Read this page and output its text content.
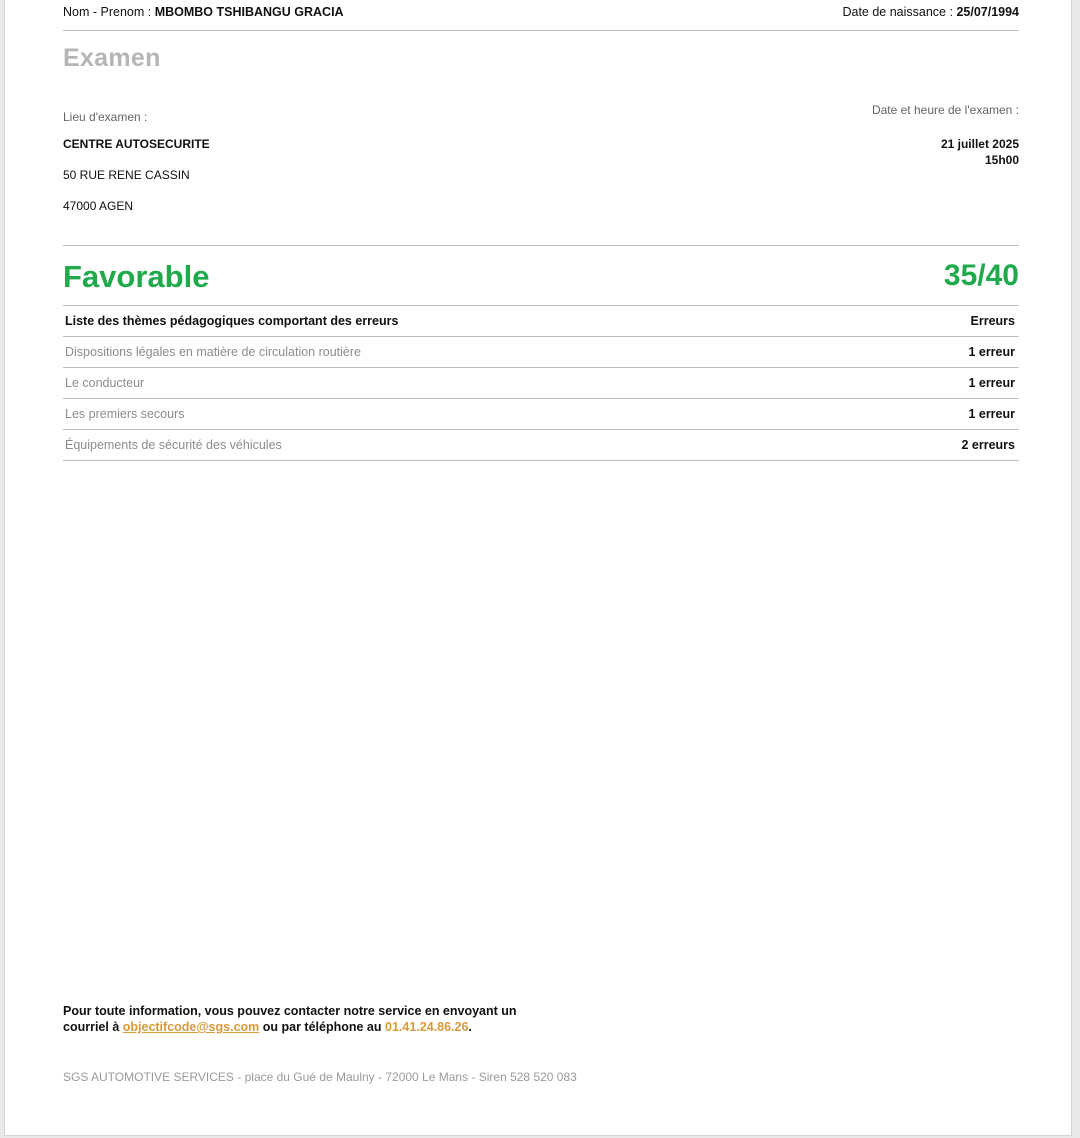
Nom - Prenom : MBOMBO TSHIBANGU GRACIA	Date de naissance : 25/07/1994
Examen
Lieu d'examen :	Date et heure de l'examen :
CENTRE AUTOSECURITE	21 juillet 2025
15h00
50 RUE RENE CASSIN
47000 AGEN
Favorable	35/40
Liste des thèmes pédagogiques comportant des erreurs	Erreurs
Dispositions légales en matière de circulation routière	1 erreur
Le conducteur	1 erreur
Les premiers secours	1 erreur
Équipements de sécurité des véhicules	2 erreurs
Pour toute information, vous pouvez contacter notre service en envoyant un courriel à objectifcode@sgs.com ou par téléphone au 01.41.24.86.26.
SGS AUTOMOTIVE SERVICES - place du Gué de Maulny - 72000 Le Mans - Siren 528 520 083
